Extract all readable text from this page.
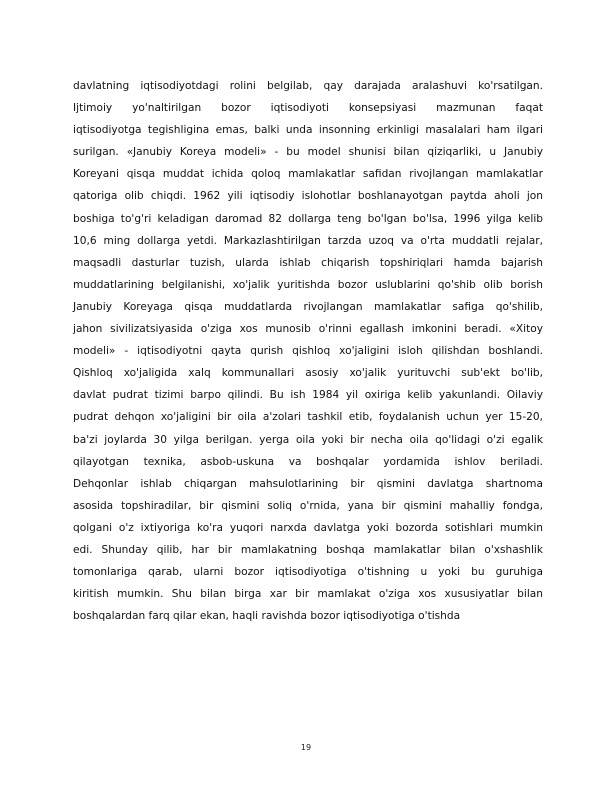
davlatning iqtisodiyotdagi rolini belgilab, qay darajada aralashuvi ko'rsatilgan.
Ijtimoiy yo'naltirilgan bozor iqtisodiyoti konsepsiyasi mazmunan faqat
iqtisodiyotga tegishligina emas, balki unda insonning erkinligi masalalari ham ilgari
surilgan. «Janubiy Koreya modeli» - bu model shunisi bilan qiziqarliki, u Janubiy
Koreyani qisqa muddat ichida qoloq mamlakatlar safidan rivojlangan mamlakatlar
qatoriga olib chiqdi. 1962 yili iqtisodiy islohotlar boshlanayotgan paytda aholi jon
boshiga to'g'ri keladigan daromad 82 dollarga teng bo'lgan bo'lsa, 1996 yilga kelib
10,6 ming dollarga yetdi. Markazlashtirilgan tarzda uzoq va o'rta muddatli rejalar,
maqsadli dasturlar tuzish, ularda ishlab chiqarish topshiriqlari hamda bajarish
muddatlarining belgilanishi, xo'jalik yuritishda bozor uslublarini qo'shib olib borish
Janubiy Koreyaga qisqa muddatlarda rivojlangan mamlakatlar safiga qo'shilib,
jahon sivilizatsiyasida o'ziga xos munosib o'rinni egallash imkonini beradi. «Xitoy
modeli» - iqtisodiyotni qayta qurish qishloq xo'jaligini isloh qilishdan boshlandi.
Qishloq xo'jaligida xalq kommunallari asosiy xo'jalik yurituvchi sub'ekt bo'lib,
davlat pudrat tizimi barpo qilindi. Bu ish 1984 yil oxiriga kelib yakunlandi. Oilaviy
pudrat dehqon xo'jaligini bir oila a'zolari tashkil etib, foydalanish uchun yer 15-20,
ba'zi joylarda 30 yilga berilgan. yerga oila yoki bir necha oila qo'lidagi o'zi egalik
qilayotgan texnika, asbob-uskuna va boshqalar yordamida ishlov beriladi.
Dehqonlar ishlab chiqargan mahsulotlarining bir qismini davlatga shartnoma
asosida topshiradilar, bir qismini soliq o'rnida, yana bir qismini mahalliy fondga,
qolgani o'z ixtiyoriga ko'ra yuqori narxda davlatga yoki bozorda sotishlari mumkin
edi. Shunday qilib, har bir mamlakatning boshqa mamlakatlar bilan o'xshashlik
tomonlariga qarab, ularni bozor iqtisodiyotiga o'tishning u yoki bu guruhiga
kiritish mumkin. Shu bilan birga xar bir mamlakat o'ziga xos xususiyatlar bilan
boshqalardan farq qilar ekan, haqli ravishda bozor iqtisodiyotiga o'tishda
19
